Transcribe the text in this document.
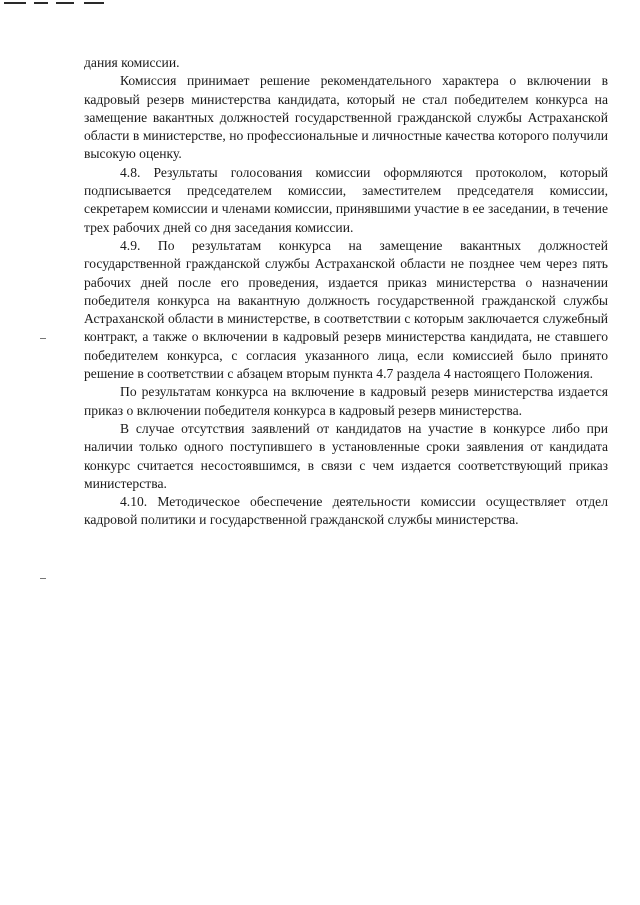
дания комиссии.

Комиссия принимает решение рекомендательного характера о включении в кадровый резерв министерства кандидата, который не стал победителем конкурса на замещение вакантных должностей государственной гражданской службы Астраханской области в министерстве, но профессиональные и личностные качества которого получили высокую оценку.

4.8. Результаты голосования комиссии оформляются протоколом, который подписывается председателем комиссии, заместителем председателя комиссии, секретарем комиссии и членами комиссии, принявшими участие в ее заседании, в течение трех рабочих дней со дня заседания комиссии.

4.9. По результатам конкурса на замещение вакантных должностей государственной гражданской службы Астраханской области не позднее чем через пять рабочих дней после его проведения, издается приказ министерства о назначении победителя конкурса на вакантную должность государственной гражданской службы Астраханской области в министерстве, в соответствии с которым заключается служебный контракт, а также о включении в кадровый резерв министерства кандидата, не ставшего победителем конкурса, с согласия указанного лица, если комиссией было принято решение в соответствии с абзацем вторым пункта 4.7 раздела 4 настоящего Положения.

По результатам конкурса на включение в кадровый резерв министерства издается приказ о включении победителя конкурса в кадровый резерв министерства.

В случае отсутствия заявлений от кандидатов на участие в конкурсе либо при наличии только одного поступившего в установленные сроки заявления от кандидата конкурс считается несостоявшимся, в связи с чем издается соответствующий приказ министерства.

4.10. Методическое обеспечение деятельности комиссии осуществляет отдел кадровой политики и государственной гражданской службы министерства.
